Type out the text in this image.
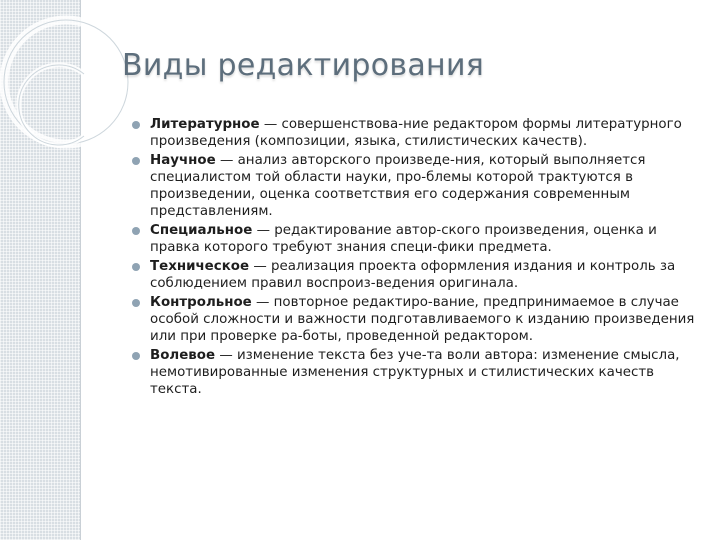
Виды редактирования
Литературное — совершенствова-ние редактором формы литературного произведения (композиции, языка, стилистических качеств).
Научное — анализ авторского произведе-ния, который выполняется специалистом той области науки, про-блемы которой трактуются в произведении, оценка соответствия его содержания современным представлениям.
Специальное — редактирование автор-ского произведения, оценка и правка которого требуют знания специ-фики предмета.
Техническое — реализация проекта оформления издания и контроль за соблюдением правил воспроиз-ведения оригинала.
Контрольное — повторное редактиро-вание, предпринимаемое в случае особой сложности и важности подготавливаемого к изданию произведения или при проверке ра-боты, проведенной редактором.
Волевое — изменение текста без уче-та воли автора: изменение смысла, немотивированные изменения структурных и стилистических качеств текста.
